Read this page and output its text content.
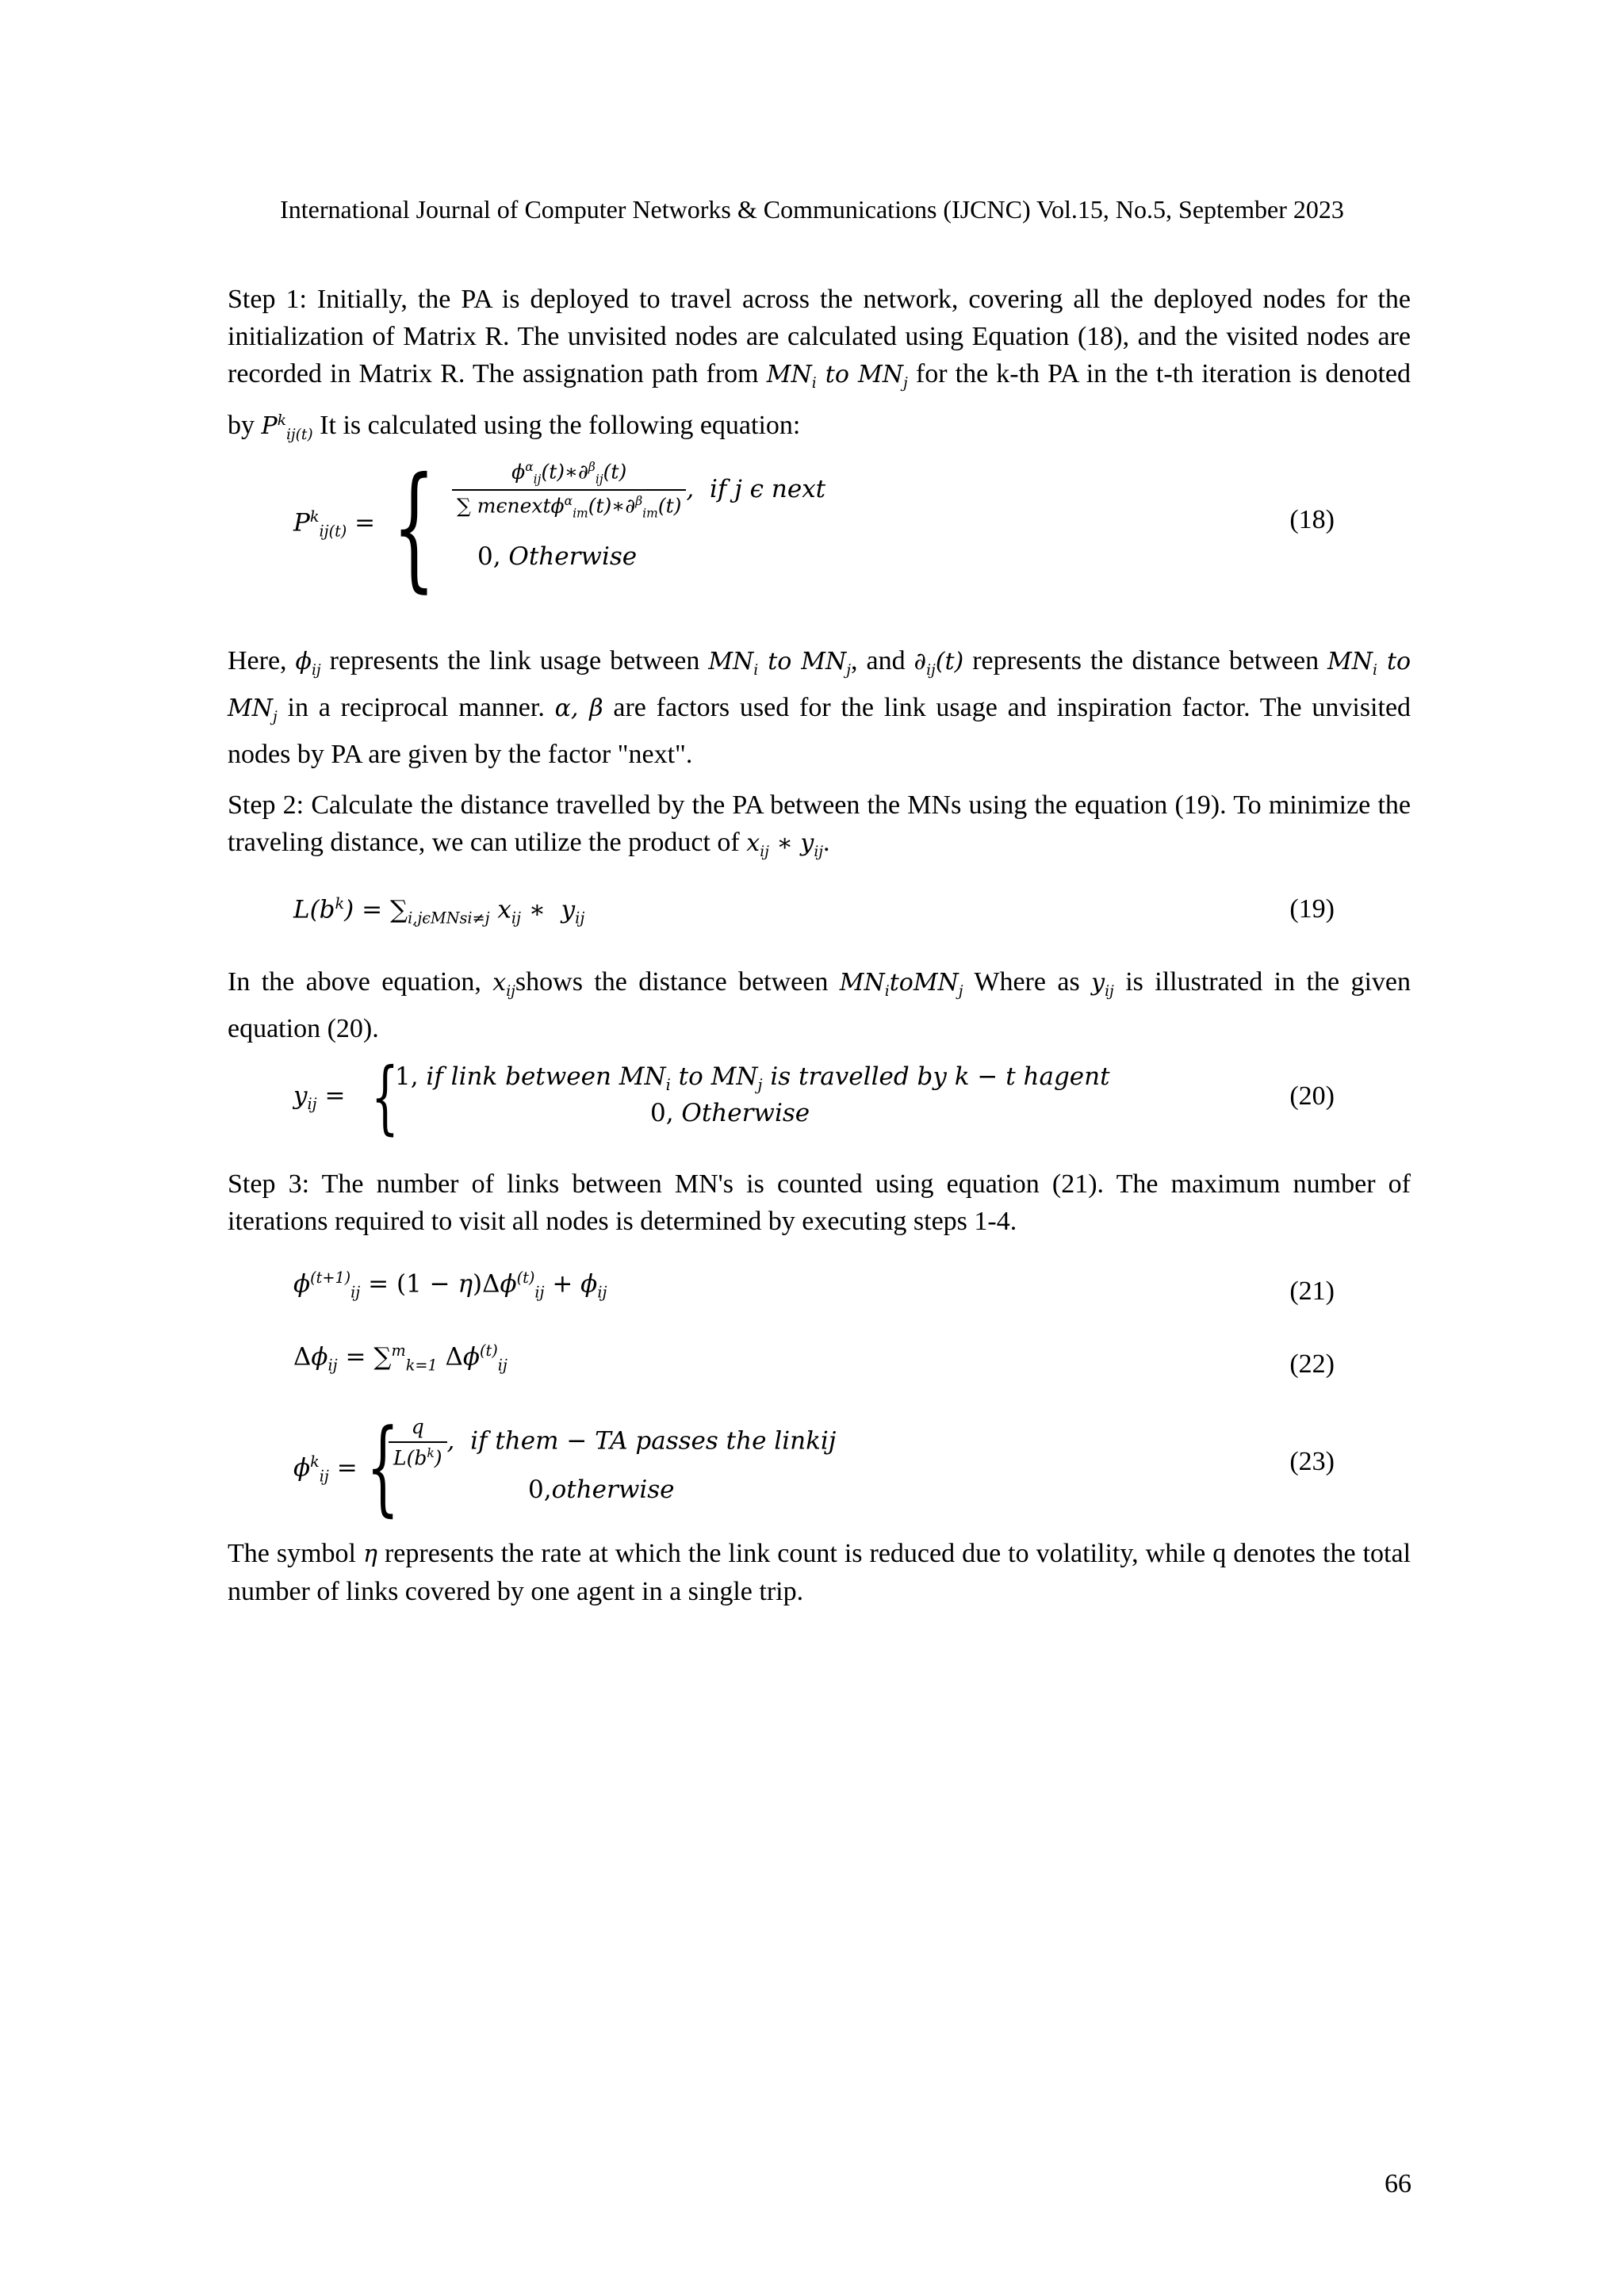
International Journal of Computer Networks & Communications (IJCNC) Vol.15, No.5, September 2023
Step 1: Initially, the PA is deployed to travel across the network, covering all the deployed nodes for the initialization of Matrix R. The unvisited nodes are calculated using Equation (18), and the visited nodes are recorded in Matrix R. The assignation path from $MN_i$ to $MN_j$ for the k-th PA in the t-th iteration is denoted by $P^k_{ij(t)}$ It is calculated using the following equation:
$P^k_{ij(t)}$ = { $\frac{\phi^\alpha_{ij}(t)∗\partial^\beta_{ij}(t)}{\sum m\epsilon next\phi^\alpha_{im}(t)∗\partial^\beta_{im}(t)}$ ,  if j ϵ next
0, Otherwise
(18)
Here, $\phi_{ij}$ represents the link usage between $MN_i$ to $MN_j$, and $\partial_{ij}(t)$ represents the distance between $MN_i$ to $MN_j$ in a reciprocal manner. α, β are factors used for the link usage and inspiration factor. The unvisited nodes by PA are given by the factor "next".
Step 2: Calculate the distance travelled by the PA between the MNs using the equation (19). To minimize the traveling distance, we can utilize the product of $x_{ij}$ ∗ $y_{ij}$.
$L(b^k) = \sum_{i,j\epsilon MNsi\ne j}$ $x_{ij}$ ∗  $y_{ij}$	(19)
In the above equation, $x_{ij}shows$ the distance between $MN_itoMN_j$ Where as $y_{ij}$ is illustrated in the given equation (20).
$y_{ij}$ = {
1, if link between $MN_i$ to $MN_j$ is travelled by k − t hagent
0, Otherwise
(20)
Step 3: The number of links between MN's is counted using equation (21). The maximum number of iterations required to visit all nodes is determined by executing steps 1-4.
$\phi^{(t+1)}_{ij} = (1 - \eta)\Delta\phi^{(t)}_{ij} + \phi_{ij}$	(21)
$\Delta\phi_{ij} = \sum^m_{k=1}$ $\Delta\phi^{(t)}_{ij}$	(22)
$\phi^k_{ij}$ = {
$\frac{q}{L(b^k)}$ ,  if them − TA passes the linkij
0,otherwise
(23)
The symbol η represents the rate at which the link count is reduced due to volatility, while q denotes the total number of links covered by one agent in a single trip.
66
